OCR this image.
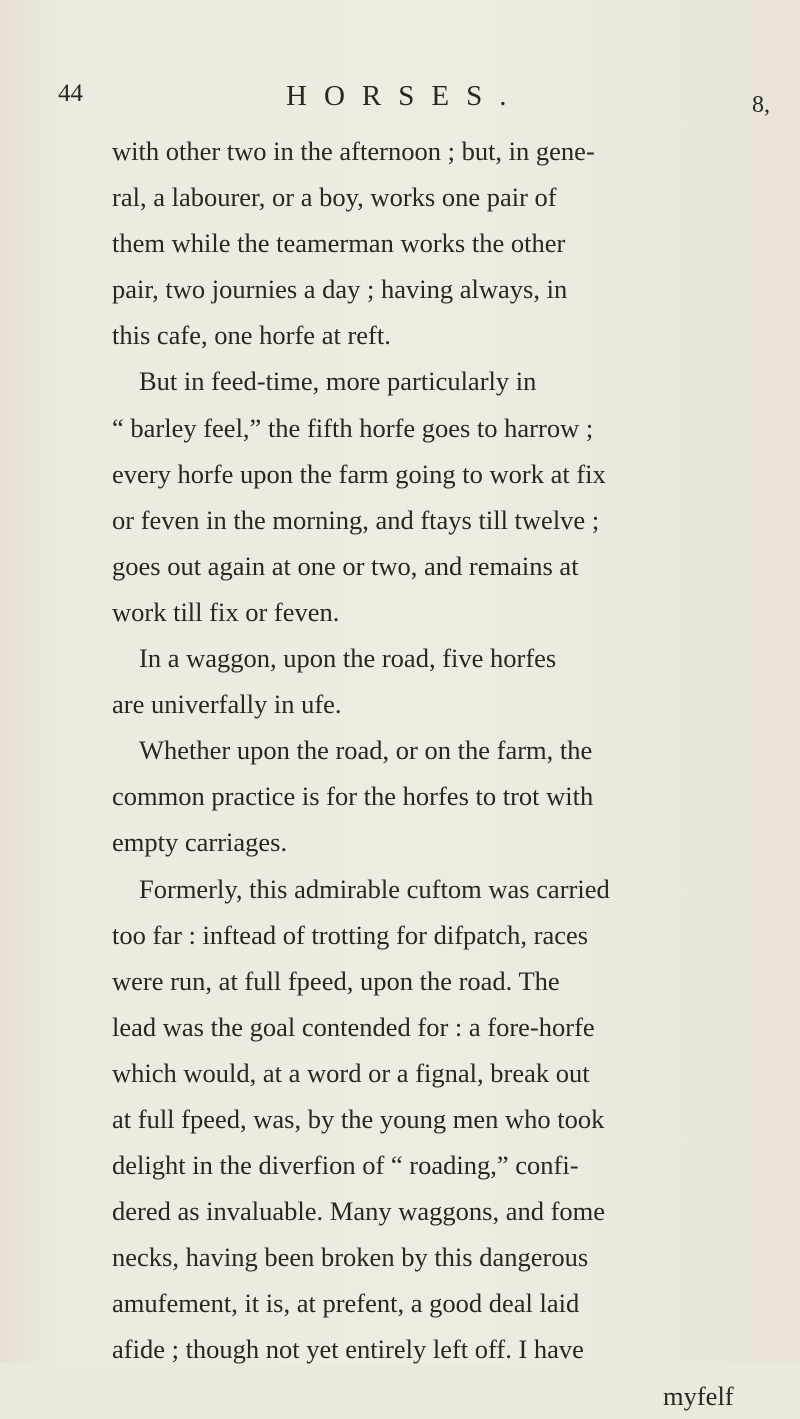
44	HORSES.	8,
with other two in the afternoon ; but, in gene-
ral, a labourer, or a boy, works one pair of
them while the teamerman works the other
pair, two journies a day ; having always, in
this cafe, one horfe at reft.
But in feed-time, more particularly in
“ barley feel,” the fifth horfe goes to harrow ;
every horfe upon the farm going to work at fix
or feven in the morning, and ftays till twelve ;
goes out again at one or two, and remains at
work till fix or feven.
In a waggon, upon the road, five horfes
are univerfally in ufe.
Whether upon the road, or on the farm, the
common practice is for the horfes to trot with
empty carriages.
Formerly, this admirable cuftom was carried
too far : inftead of trotting for difpatch, races
were run, at full fpeed, upon the road. The
lead was the goal contended for : a fore-horfe
which would, at a word or a fignal, break out
at full fpeed, was, by the young men who took
delight in the diverfion of “ roading,” confi-
dered as invaluable. Many waggons, and fome
necks, having been broken by this dangerous
amufement, it is, at prefent, a good deal laid
afide ; though not yet entirely left off. I have
myfelf
